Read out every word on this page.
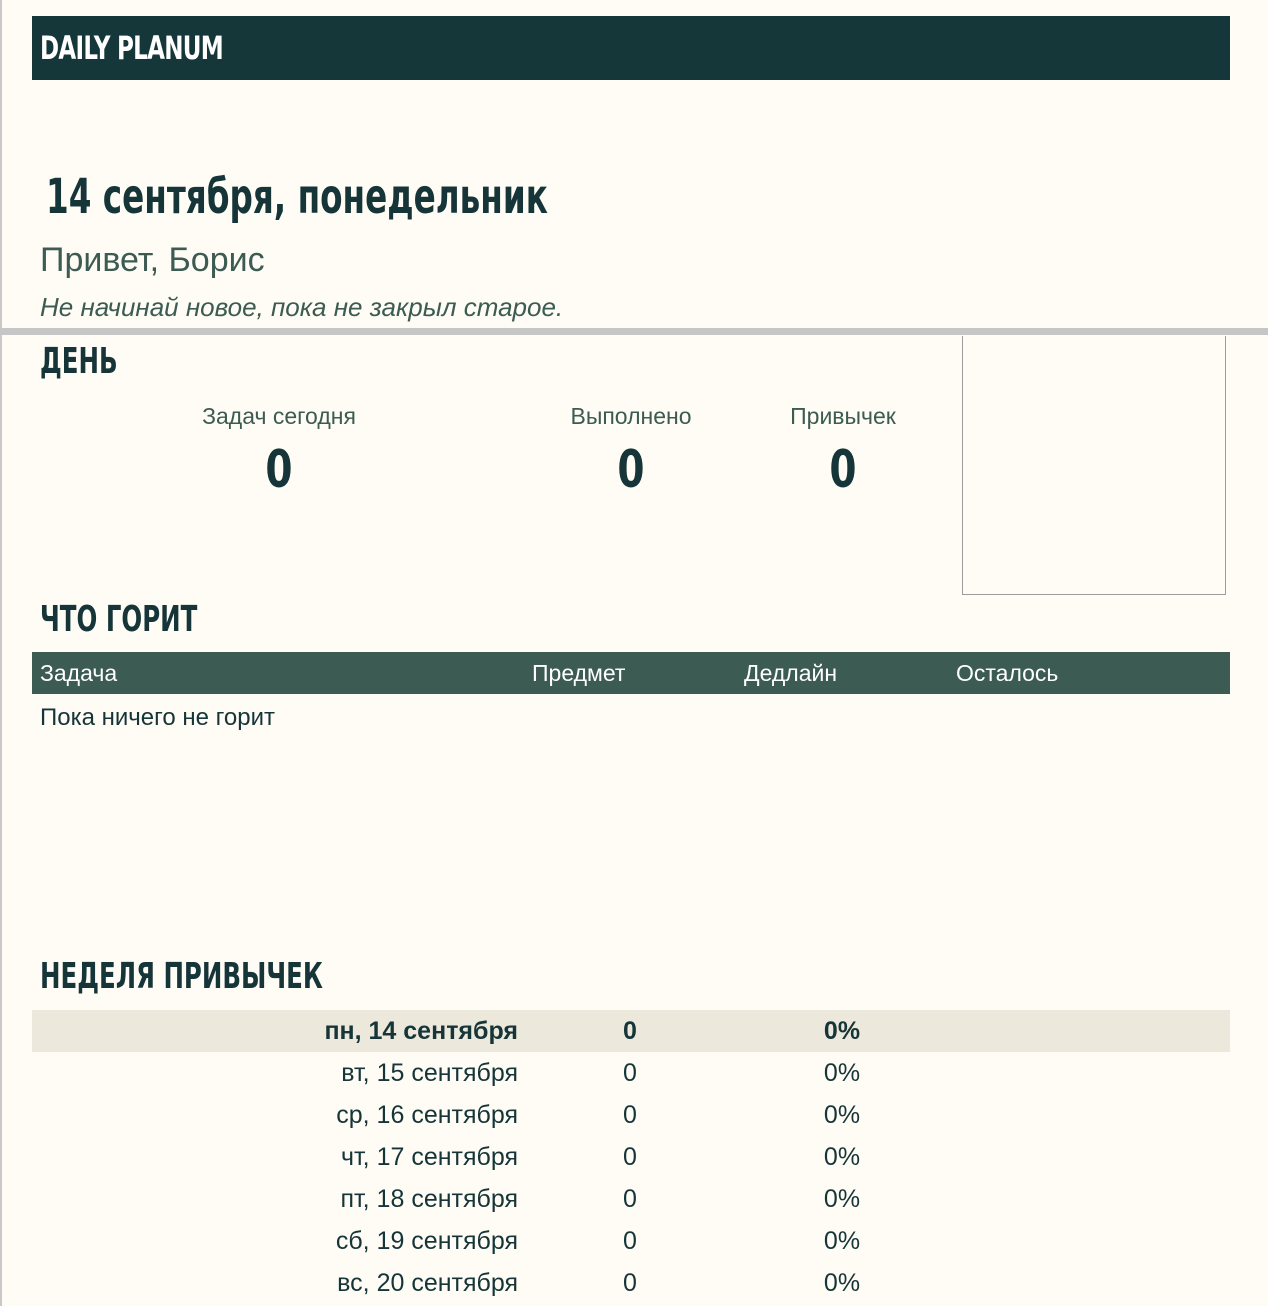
DAILY PLANUM
14 сентября, понедельник
Привет, Борис
Не начинай новое, пока не закрыл старое.
ДЕНЬ
Задач сегодня
0
Выполнено
0
Привычек
0
ЧТО ГОРИТ
Задача	Предмет	Дедлайн	Осталось
Пока ничего не горит
НЕДЕЛЯ ПРИВЫЧЕК
пн, 14 сентября	0	0%
вт, 15 сентября	0	0%
ср, 16 сентября	0	0%
чт, 17 сентября	0	0%
пт, 18 сентября	0	0%
сб, 19 сентября	0	0%
вс, 20 сентября	0	0%
